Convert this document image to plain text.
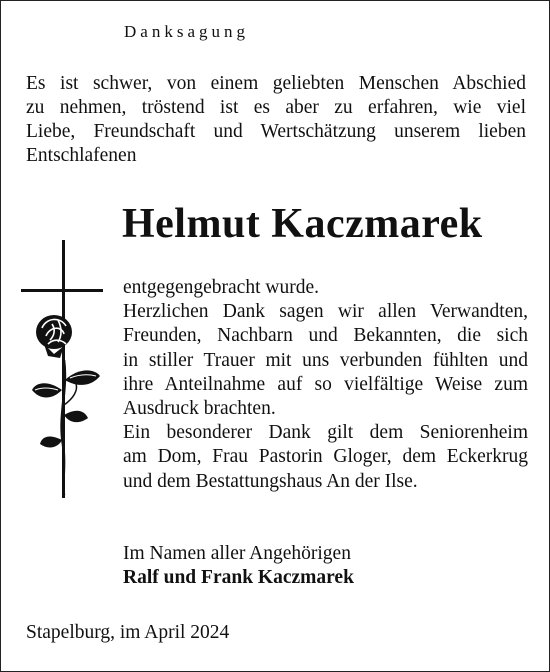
Danksagung
Es ist schwer, von einem geliebten Menschen Abschied
zu nehmen, tröstend ist es aber zu erfahren, wie viel
Liebe, Freundschaft und Wertschätzung unserem lieben
Entschlafenen
Helmut Kaczmarek
entgegengebracht wurde.
Herzlichen Dank sagen wir allen Verwandten,
Freunden, Nachbarn und Bekannten, die sich
in stiller Trauer mit uns verbunden fühlten und
ihre Anteilnahme auf so vielfältige Weise zum
Ausdruck brachten.
Ein besonderer Dank gilt dem Seniorenheim
am Dom, Frau Pastorin Gloger, dem Eckerkrug
und dem Bestattungshaus An der Ilse.
Im Namen aller Angehörigen
Ralf und Frank Kaczmarek
Stapelburg, im April 2024
